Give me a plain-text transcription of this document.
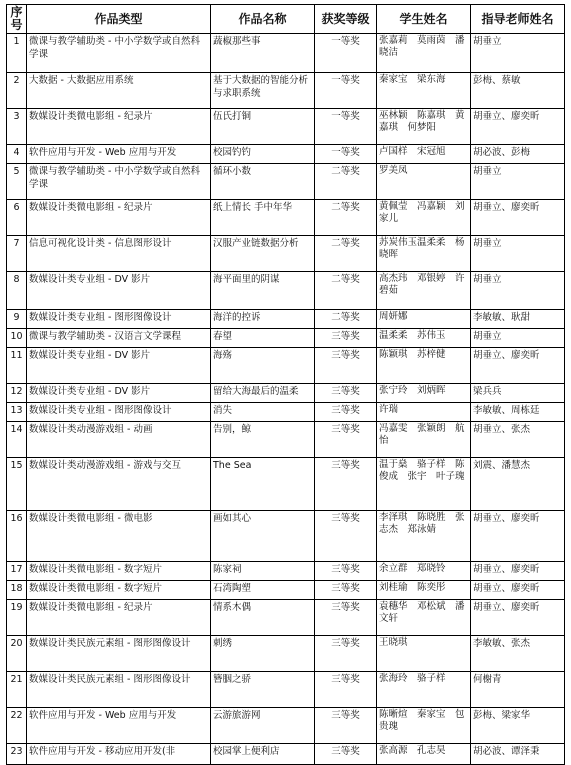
序号	作品类型	作品名称	获奖等级	学生姓名	指导老师姓名
1	微课与教学辅助类 - 中小学数学或自然科学课	蔬椒那些事	一等奖	张嘉莉　莫雨茵　潘晓洁	胡垂立
2	大数据 - 大数据应用系统	基于大数据的智能分析与求职系统	一等奖	秦家宝　梁东海	彭梅、蔡敏
3	数媒设计类微电影组 - 纪录片	伍氏打铜	一等奖	巫林颖　陈嘉琪　黄嘉琪　何梦阳	胡垂立、廖奕昕
4	软件应用与开发 - Web 应用与开发	校园钓钓	一等奖	卢国样　宋冠旭	胡必波、彭梅
5	微课与教学辅助类 - 中小学数学或自然科学课	循环小数	二等奖	罗美凤	胡垂立
6	数媒设计类微电影组 - 纪录片	纸上情长 手中年华	二等奖	黄佩莹　冯嘉颖　刘家儿	胡垂立、廖奕昕
7	信息可视化设计类 - 信息图形设计	汉服产业链数据分析	二等奖	苏炭伟玉温柔柔　杨晓晖	胡垂立
8	数媒设计类专业组 - DV 影片	海平面里的阴谋	二等奖	高杰玮　邓银婷　许碧茹	胡垂立
9	数媒设计类专业组 - 图形图像设计	海洋的控诉	二等奖	周妍娜	李敏敏、耿甜
10	微课与教学辅助类 - 汉语言文学课程	春望	三等奖	温柔柔　苏伟玉	胡垂立
11	数媒设计类专业组 - DV 影片	海殇	三等奖	陈颖琪　苏梓健	胡垂立、廖奕昕
12	数媒设计类专业组 - DV 影片	留给大海最后的温柔	三等奖	张宁玲　刘炳晖	梁兵兵
13	数媒设计类专业组 - 图形图像设计	消失	三等奖	许瑞	李敏敏、周栋廷
14	数媒设计类动漫游戏组 - 动画	告别，鲸	三等奖	冯嘉雯　张颖朗　航怡	胡垂立、张杰
15	数媒设计类动漫游戏组 - 游戏与交互	The Sea	三等奖	温于燊　骆子样　陈俊成　张宇　叶子瑰	刘震、潘慧杰
16	数媒设计类微电影组 - 微电影	画如其心	三等奖	李泽琪　陈晓胜　张志杰　郑泳婧	胡垂立、廖奕昕
17	数媒设计类微电影组 - 数字短片	陈家祠	三等奖	余立群　郑晓铃	胡垂立、廖奕昕
18	数媒设计类微电影组 - 数字短片	石湾陶塑	三等奖	刘桂瑜　陈奕彤	胡垂立、廖奕昕
19	数媒设计类微电影组 - 纪录片	情系木偶	三等奖	袁穗华　邓松斌　潘文轩	胡垂立、廖奕昕
20	数媒设计类民族元素组 - 图形图像设计	刺绣	三等奖	王晓琪	李敏敏、张杰
21	数媒设计类民族元素组 - 图形图像设计	簪胭之骄	三等奖	张海玲　骆子样	何榭青
22	软件应用与开发 - Web 应用与开发	云游旅游网	三等奖	陈晰煊　秦家宝　包贵瑰	彭梅、梁家华
23	软件应用与开发 - 移动应用开发(非	校园掌上便利店	三等奖	张高源　孔志昊	胡必波、谭泽秉
